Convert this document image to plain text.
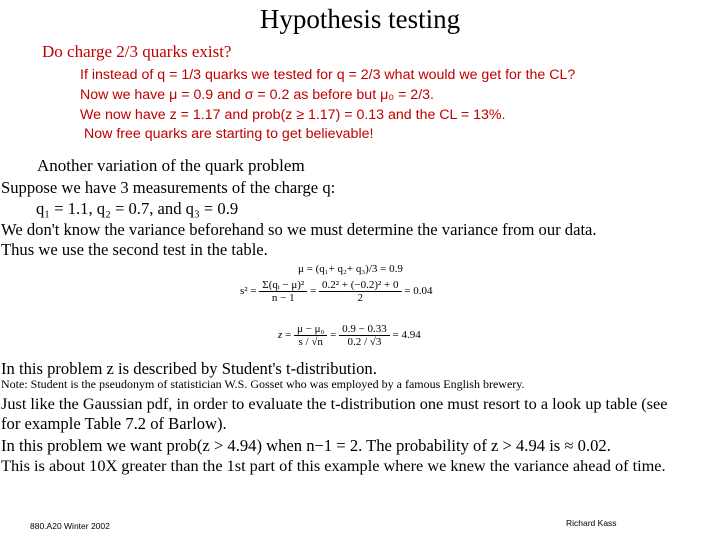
Hypothesis testing
Do charge 2/3 quarks exist?
If instead of q = 1/3 quarks we tested for q = 2/3 what would we get for the CL?
Now we have μ = 0.9 and σ = 0.2 as before but μ₀ = 2/3.
We now have z = 1.17 and prob(z ≥ 1.17) = 0.13 and the CL = 13%.
Now free quarks are starting to get believable!
Another variation of the quark problem
Suppose we have 3 measurements of the charge q:
q₁ = 1.1, q₂ = 0.7, and q₃ = 0.9
We don't know the variance beforehand so we must determine the variance from our data.
Thus we use the second test in the table.
μ = (q₁+ q₂+ q₃)/3 = 0.9
$s^2 = \frac{\text{Σ(qᵢ − μ)²}}{n - 1} = \frac{\text{0.2² + (−0.2)² + 0}}{2} = 0.04$
$z = \frac{\text{μ − μ₀}}{s / √n} = \frac{0.9 - 0.33}{0.2 / √3} = 4.94$
In this problem z is described by Student's t-distribution.
Note: Student is the pseudonym of statistician W.S. Gosset who was employed by a famous English brewery.
Just like the Gaussian pdf, in order to evaluate the t-distribution one must resort to a look up table (see
for example Table 7.2 of Barlow).
In this problem we want prob(z > 4.94) when n−1 = 2. The probability of z > 4.94 is ≈ 0.02.
This is about 10X greater than the 1st part of this example where we knew the variance ahead of time.
880.A20 Winter 2002	Richard Kass
